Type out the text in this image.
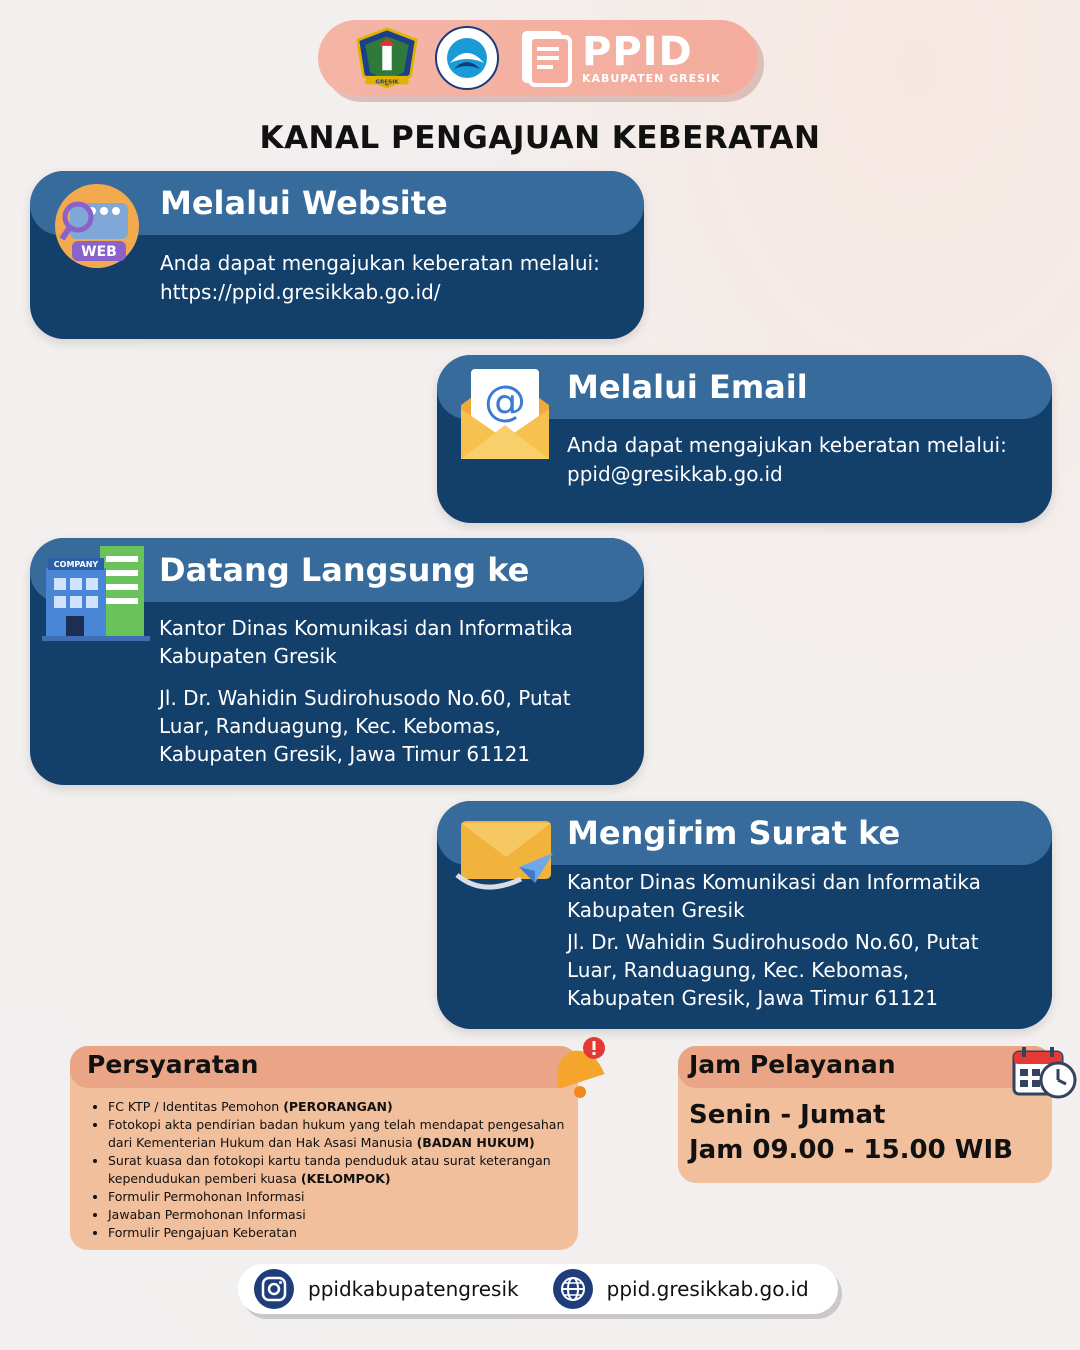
GRESIK
PPID
KABUPATEN GRESIK
KANAL PENGAJUAN KEBERATAN
WEB
Melalui Website
Anda dapat mengajukan keberatan melalui:
https://ppid.gresikkab.go.id/
@ Melalui Email
Anda dapat mengajukan keberatan melalui:
ppid@gresikkab.go.id
COMPANY Datang Langsung ke
Kantor Dinas Komunikasi dan Informatika
Kabupaten Gresik
Jl. Dr. Wahidin Sudirohusodo No.60, Putat
Luar, Randuagung, Kec. Kebomas,
Kabupaten Gresik, Jawa Timur 61121
Mengirim Surat ke
Kantor Dinas Komunikasi dan Informatika
Kabupaten Gresik
Jl. Dr. Wahidin Sudirohusodo No.60, Putat
Luar, Randuagung, Kec. Kebomas,
Kabupaten Gresik, Jawa Timur 61121
Persyaratan
• FC KTP / Identitas Pemohon (PERORANGAN)
• Fotokopi akta pendirian badan hukum yang telah mendapat pengesahan dari Kementerian Hukum dan Hak Asasi Manusia (BADAN HUKUM)
• Surat kuasa dan fotokopi kartu tanda penduduk atau surat keterangan kependudukan pemberi kuasa (KELOMPOK)
• Formulir Permohonan Informasi
• Jawaban Permohonan Informasi
• Formulir Pengajuan Keberatan
Jam Pelayanan
Senin - Jumat
Jam 09.00 - 15.00 WIB
ppidkabupatengresik	ppid.gresikkab.go.id
